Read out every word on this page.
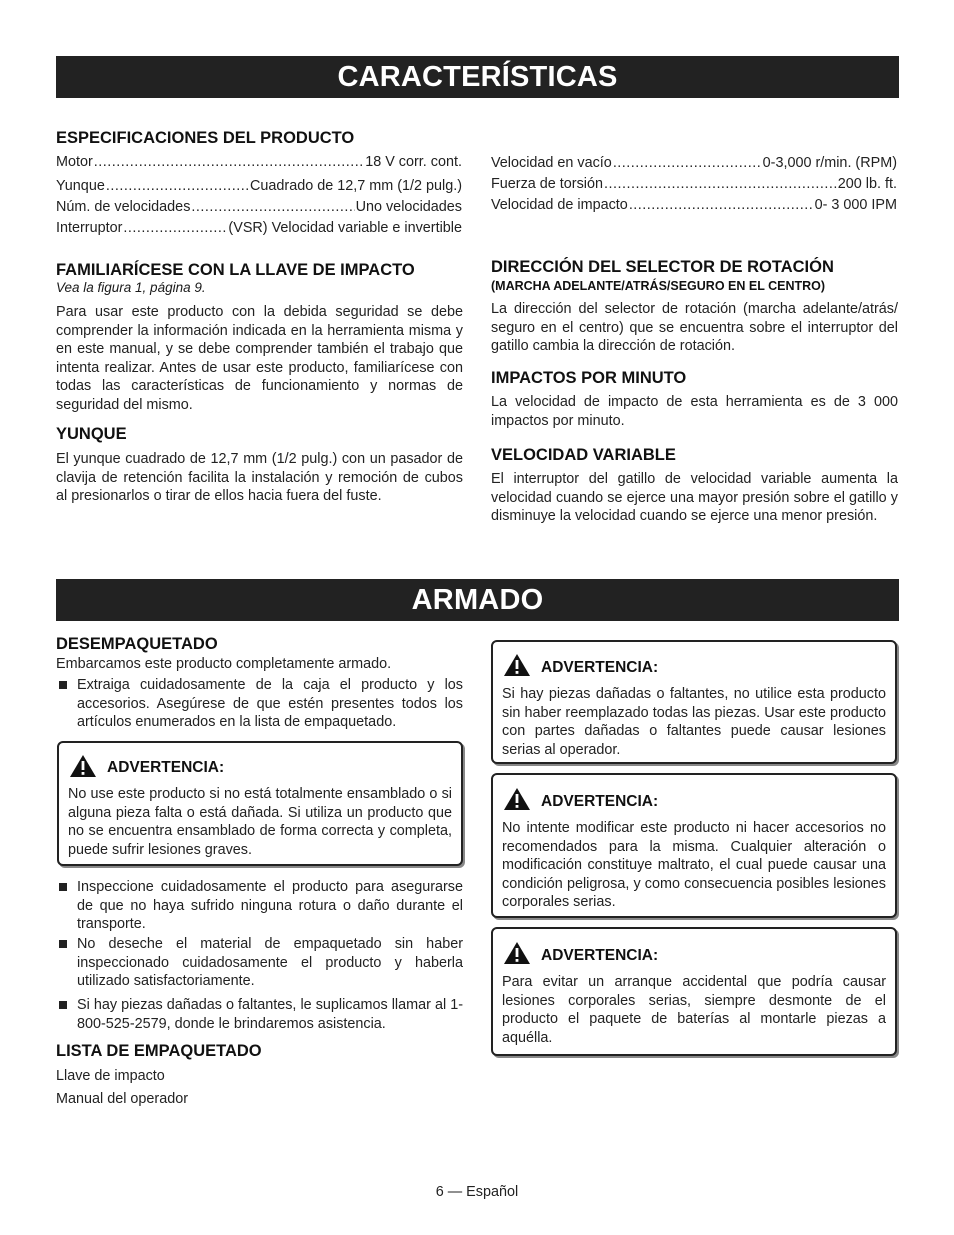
CARACTERÍSTICAS
ESPECIFICACIONES DEL PRODUCTO
Motor .....	18 V corr. cont.
Yunque .....	Cuadrado de 12,7 mm (1/2 pulg.)
Núm. de velocidades .....	Uno velocidades
Interruptor .....	(VSR) Velocidad variable e invertible
Velocidad en vacío .....	0-3,000 r/min. (RPM)
Fuerza de torsión .....	200 lb. ft.
Velocidad de impacto .....	0- 3 000 IPM
FAMILIARÍCESE CON LA LLAVE DE IMPACTO
Vea la figura 1, página 9.
Para usar este producto con la debida seguridad se debe comprender la información indicada en la herramienta misma y en este manual, y se debe comprender también el trabajo que intenta realizar. Antes de usar este producto, familiarícese con todas las características de funcionamiento y normas de seguridad del mismo.
YUNQUE
El yunque cuadrado de 12,7 mm (1/2 pulg.) con un pasador de clavija de retención facilita la instalación y remoción de cubos al presionarlos o tirar de ellos hacia fuera del fuste.
DIRECCIÓN DEL SELECTOR DE ROTACIÓN
(MARCHA ADELANTE/ATRÁS/SEGURO EN EL CENTRO)
La dirección del selector de rotación (marcha adelante/atrás/ seguro en el centro) que se encuentra sobre el interruptor del gatillo cambia la dirección de rotación.
IMPACTOS POR MINUTO
La velocidad de impacto de esta herramienta es de 3 000 impactos por minuto.
VELOCIDAD VARIABLE
El interruptor del gatillo de velocidad variable aumenta la velocidad cuando se ejerce una mayor presión sobre el gatillo y disminuye la velocidad cuando se ejerce una menor presión.
ARMADO
DESEMPAQUETADO
Embarcamos este producto completamente armado.
Extraiga cuidadosamente de la caja el producto y los accesorios. Asegúrese de que estén presentes todos los artículos enumerados en la lista de empaquetado.
ADVERTENCIA:
No use este producto si no está totalmente ensamblado o si alguna pieza falta o está dañada. Si utiliza un producto que no se encuentra ensamblado de forma correcta y completa, puede sufrir lesiones graves.
Inspeccione cuidadosamente el producto para asegurarse de que no haya sufrido ninguna rotura o daño durante el transporte.
No deseche el material de empaquetado sin haber inspeccionado cuidadosamente el producto y haberla utilizado satisfactoriamente.
Si hay piezas dañadas o faltantes, le suplicamos llamar al 1-800-525-2579, donde le brindaremos asistencia.
LISTA DE EMPAQUETADO
Llave de impacto
Manual del operador
ADVERTENCIA:
Si hay piezas dañadas o faltantes, no utilice esta producto sin haber reemplazado todas las piezas. Usar este producto con partes dañadas o faltantes puede causar lesiones serias al operador.
ADVERTENCIA:
No intente modificar este producto ni hacer accesorios no recomendados para la misma. Cualquier alteración o modificación constituye maltrato, el cual puede causar una condición peligrosa, y como consecuencia posibles lesiones corporales serias.
ADVERTENCIA:
Para evitar un arranque accidental que podría causar lesiones corporales serias, siempre desmonte de el producto el paquete de baterías al montarle piezas a aquélla.
6 — Español
